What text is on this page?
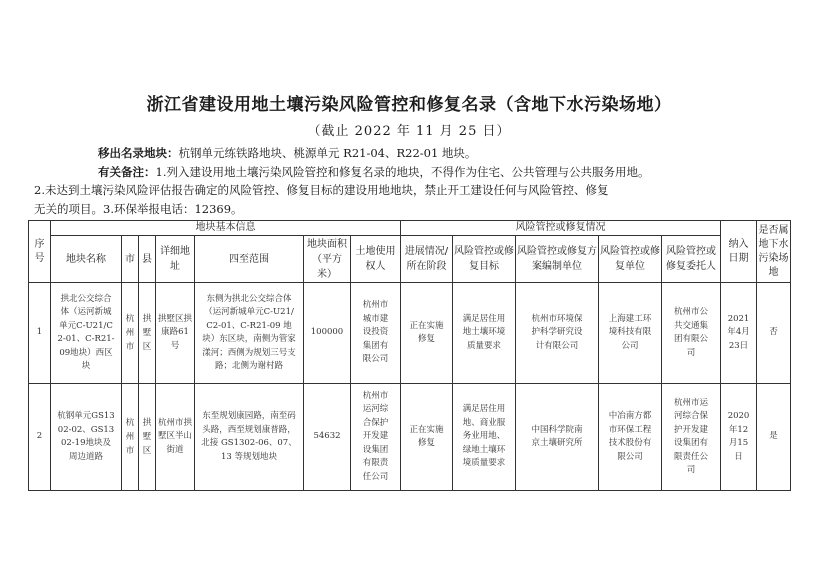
浙江省建设用地土壤污染风险管控和修复名录（含地下水污染场地）
（截止 2022 年 11 月 25 日）
移出名录地块：杭钢单元练铁路地块、桃源单元 R21-04、R22-01 地块。
有关备注：1.列入建设用地土壤污染风险管控和修复名录的地块，不得作为住宅、公共管理与公共服务用地。
2.未达到土壤污染风险评估报告确定的风险管控、修复目标的建设用地地块，禁止开工建设任何与风险管控、修复
无关的项目。3.环保举报电话：12369。
序号	地块基本信息							风险管控或修复情况					纳入日期	是否属地下水污染场地

	地块名称	市	县	详细地址	四至范围	地块面积（平方米）	土地使用权人	进展情况/所在阶段	风险管控或修复目标	风险管控或修复方案编制单位	风险管控或修复单位	风险管控或修复委托人		
1	拱北公交综合体（运河新城单元C-U21/C2-01、C-R21-09地块）西区块	杭州市	拱墅区	拱墅区拱康路61号	东侧为拱北公交综合体（运河新城单元C-U21/C2-01、C-R21-09 地块）东区块，南侧为管家漾河；西侧为规划三号支路；北侧为谢村路	100000	杭州市城市建设投资集团有限公司	正在实施修复	满足居住用地土壤环境质量要求	杭州市环境保护科学研究设计有限公司	上海建工环境科技有限公司	杭州市公共交通集团有限公司	2021年4月23日	否
2	杭钢单元GS1302-02、GS1302-19地块及周边道路	杭州市	拱墅区	杭州市拱墅区半山街道	东至规划康园路，南至码头路，西至规划康普路，北接 GS1302-06、07、13 等规划地块	54632	杭州市运河综合保护开发建设集团有限责任公司	正在实施修复	满足居住用地、商业服务业用地、绿地土壤环境质量要求	中国科学院南京土壤研究所	中冶南方都市环保工程技术股份有限公司	杭州市运河综合保护开发建设集团有限责任公司	2020年12月15日	是
